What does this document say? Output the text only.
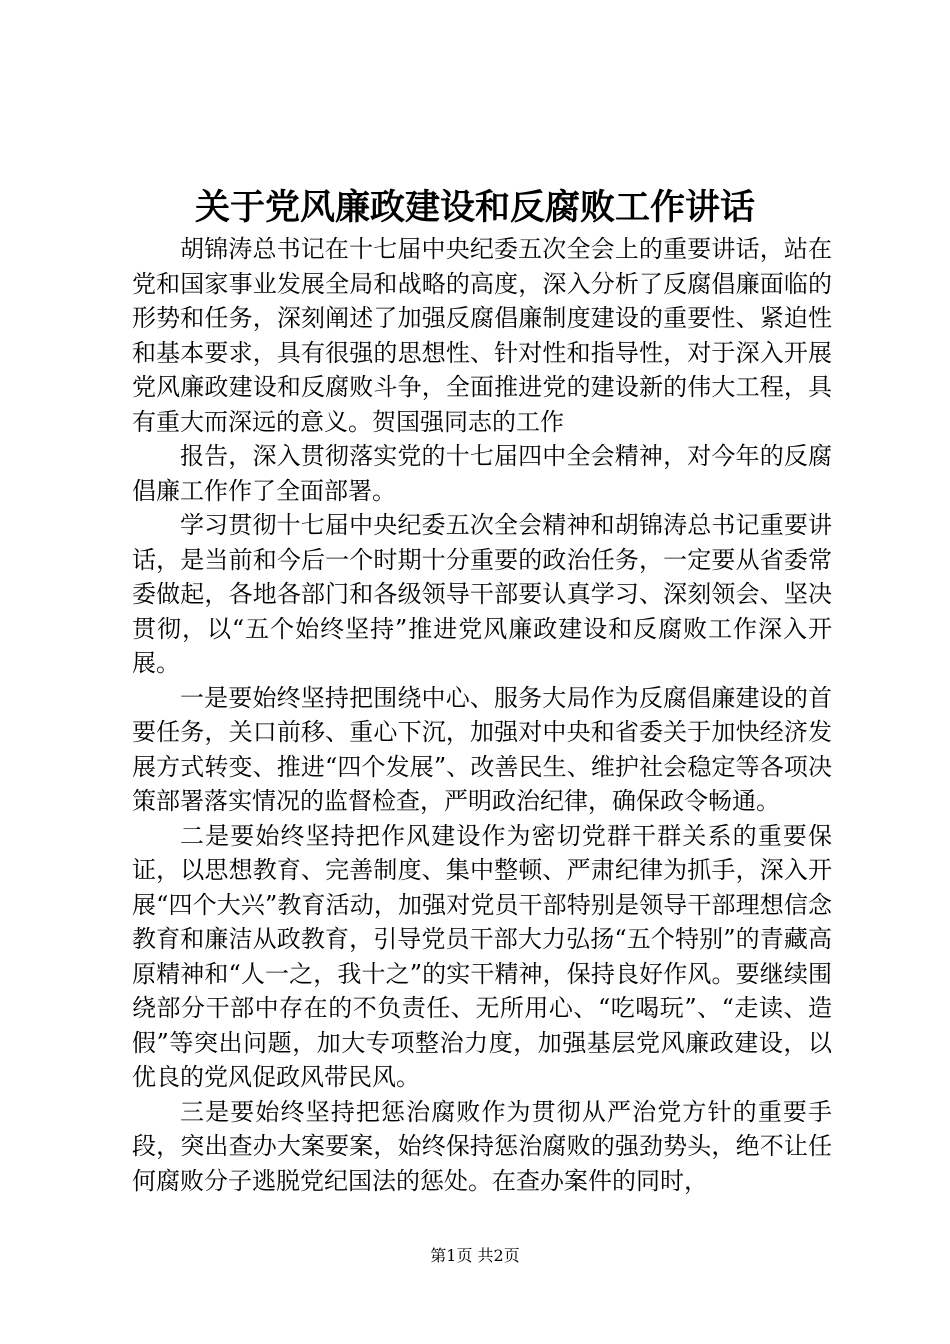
关于党风廉政建设和反腐败工作讲话

胡锦涛总书记在十七届中央纪委五次全会上的重要讲话，站在党和国家事业发展全局和战略的高度，深入分析了反腐倡廉面临的形势和任务，深刻阐述了加强反腐倡廉制度建设的重要性、紧迫性和基本要求，具有很强的思想性、针对性和指导性，对于深入开展党风廉政建设和反腐败斗争，全面推进党的建设新的伟大工程，具有重大而深远的意义。贺国强同志的工作

报告，深入贯彻落实党的十七届四中全会精神，对今年的反腐倡廉工作作了全面部署。

学习贯彻十七届中央纪委五次全会精神和胡锦涛总书记重要讲话，是当前和今后一个时期十分重要的政治任务，一定要从省委常委做起，各地各部门和各级领导干部要认真学习、深刻领会、坚决贯彻，以“五个始终坚持”推进党风廉政建设和反腐败工作深入开展。

一是要始终坚持把围绕中心、服务大局作为反腐倡廉建设的首要任务，关口前移、重心下沉，加强对中央和省委关于加快经济发展方式转变、推进“四个发展”、改善民生、维护社会稳定等各项决策部署落实情况的监督检查，严明政治纪律，确保政令畅通。

二是要始终坚持把作风建设作为密切党群干群关系的重要保证，以思想教育、完善制度、集中整顿、严肃纪律为抓手，深入开展“四个大兴”教育活动，加强对党员干部特别是领导干部理想信念教育和廉洁从政教育，引导党员干部大力弘扬“五个特别”的青藏高原精神和“人一之，我十之”的实干精神，保持良好作风。要继续围绕部分干部中存在的不负责任、无所用心、“吃喝玩”、“走读、造假”等突出问题，加大专项整治力度，加强基层党风廉政建设，以优良的党风促政风带民风。

三是要始终坚持把惩治腐败作为贯彻从严治党方针的重要手段，突出查办大案要案，始终保持惩治腐败的强劲势头，绝不让任何腐败分子逃脱党纪国法的惩处。在查办案件的同时，

第1页 共2页
